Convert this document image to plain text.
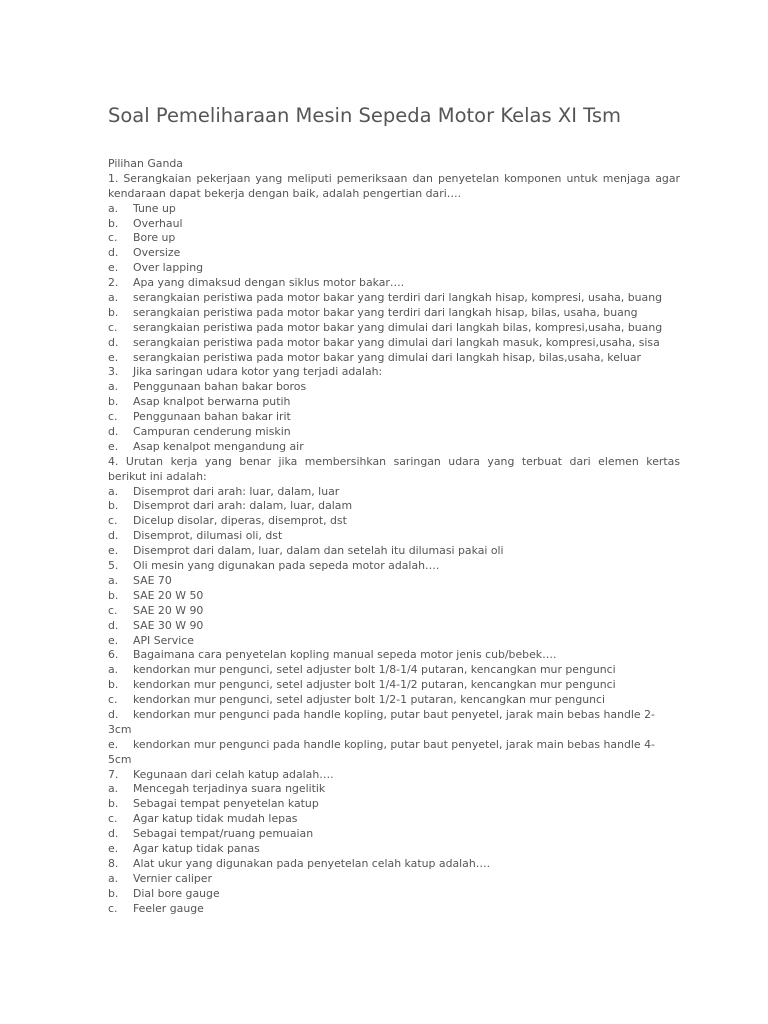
Soal Pemeliharaan Mesin Sepeda Motor Kelas XI Tsm
Pilihan Ganda
1. Serangkaian pekerjaan yang meliputi pemeriksaan dan penyetelan komponen untuk menjaga agar
kendaraan dapat bekerja dengan baik, adalah pengertian dari….
a. Tune up
b. Overhaul
c. Bore up
d. Oversize
e. Over lapping
2. Apa yang dimaksud dengan siklus motor bakar….
a. serangkaian peristiwa pada motor bakar yang terdiri dari langkah hisap, kompresi, usaha, buang
b. serangkaian peristiwa pada motor bakar yang terdiri dari langkah hisap, bilas, usaha, buang
c. serangkaian peristiwa pada motor bakar yang dimulai dari langkah bilas, kompresi,usaha, buang
d. serangkaian peristiwa pada motor bakar yang dimulai dari langkah masuk, kompresi,usaha, sisa
e. serangkaian peristiwa pada motor bakar yang dimulai dari langkah hisap, bilas,usaha, keluar
3. Jika saringan udara kotor yang terjadi adalah:
a. Penggunaan bahan bakar boros
b. Asap knalpot berwarna putih
c. Penggunaan bahan bakar irit
d. Campuran cenderung miskin
e. Asap kenalpot mengandung air
4. Urutan kerja yang benar jika membersihkan saringan udara yang terbuat dari elemen kertas
berikut ini adalah:
a. Disemprot dari arah: luar, dalam, luar
b. Disemprot dari arah: dalam, luar, dalam
c. Dicelup disolar, diperas, disemprot, dst
d. Disemprot, dilumasi oli, dst
e. Disemprot dari dalam, luar, dalam dan setelah itu dilumasi pakai oli
5. Oli mesin yang digunakan pada sepeda motor adalah….
a. SAE 70
b. SAE 20 W 50
c. SAE 20 W 90
d. SAE 30 W 90
e. API Service
6. Bagaimana cara penyetelan kopling manual sepeda motor jenis cub/bebek….
a. kendorkan mur pengunci, setel adjuster bolt 1/8-1/4 putaran, kencangkan mur pengunci
b. kendorkan mur pengunci, setel adjuster bolt 1/4-1/2 putaran, kencangkan mur pengunci
c. kendorkan mur pengunci, setel adjuster bolt 1/2-1 putaran, kencangkan mur pengunci
d. kendorkan mur pengunci pada handle kopling, putar baut penyetel, jarak main bebas handle 2-
3cm
e. kendorkan mur pengunci pada handle kopling, putar baut penyetel, jarak main bebas handle 4-
5cm
7. Kegunaan dari celah katup adalah….
a. Mencegah terjadinya suara ngelitik
b. Sebagai tempat penyetelan katup
c. Agar katup tidak mudah lepas
d. Sebagai tempat/ruang pemuaian
e. Agar katup tidak panas
8. Alat ukur yang digunakan pada penyetelan celah katup adalah….
a. Vernier caliper
b. Dial bore gauge
c. Feeler gauge
